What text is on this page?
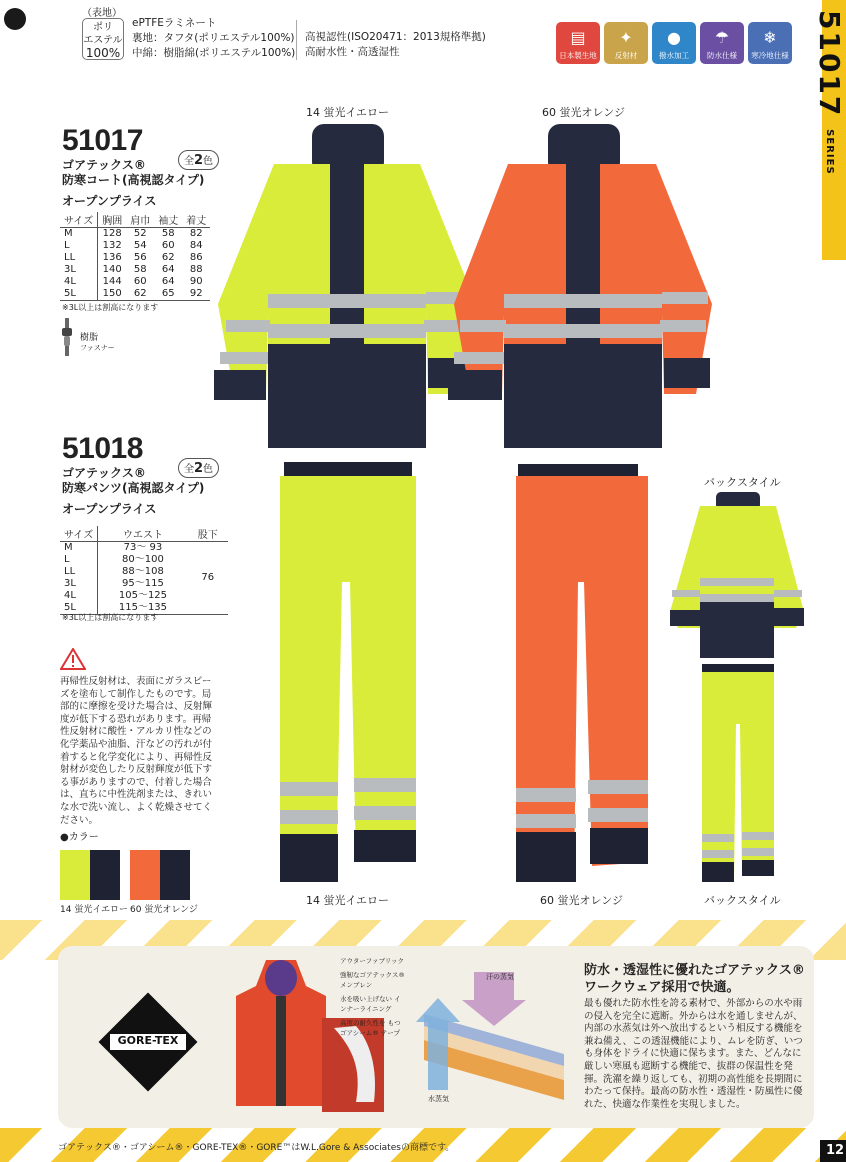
（表地）
ポリ
エステル
100%
ePTFEラミネート
裏地：タフタ(ポリエステル100%)
中綿：樹脂綿(ポリエステル100%)
高視認性(ISO20471：2013規格準拠)
高耐水性・高透湿性
▤
日本製生地
✦
反射材
●
撥水加工
☂
防水仕様
❄
寒冷地仕様 51017 SERIES
51017
ゴアテックス®
防寒コート(高視認タイプ)
全2色
オープンプライス
サイズ	胸囲	肩巾	袖丈	着丈
M	128	52	58	82
L	132	54	60	84
LL	136	56	62	86
3L	140	58	64	88
4L	144	60	64	90
5L	150	62	65	92
※3L以上は割高になります
樹脂
ファスナー
14 蛍光イエロー	60 蛍光オレンジ
51018
ゴアテックス®
防寒パンツ(高視認タイプ)
全2色
オープンプライス
サイズ	ウエスト	股下
M	73〜 93	76
L	80〜100	
LL	88〜108	
3L	95〜115	
4L	105〜125	
5L	115〜135	
※3L以上は割高になります
再帰性反射材は、表面にガラスビーズを塗布して制作したものです。局部的に摩擦を受けた場合は、反射輝度が低下する恐れがあります。再帰性反射材に酸性・アルカリ性などの化学薬品や油脂、汗などの汚れが付着すると化学変化により、再帰性反射材が変色したり反射輝度が低下する事がありますので、付着した場合は、直ちに中性洗剤または、きれいな水で洗い流し、よく乾燥させてください。
●カラー
14 蛍光イエロー 60 蛍光オレンジ
14 蛍光イエロー	60 蛍光オレンジ
バックスタイル
バックスタイル
GORE-TEX
アウターファブリック
強靭なゴアテックス® メンブレン
水を吸い上げない インナーライニング
高度の耐久性を もつゴアシーム® テープ
汗の蒸気
水蒸気
防水・透湿性に優れたゴアテックス®
ワークウェア採用で快適。
最も優れた防水性を誇る素材で、外部からの水や雨の侵入を完全に遮断。外からは水を通しませんが、内部の水蒸気は外へ放出するという相反する機能を兼ね備え、この透湿機能により、ムレを防ぎ、いつも身体をドライに快適に保ちます。また、どんなに厳しい寒風も遮断する機能で、抜群の保温性を発揮。洗濯を繰り返しても、初期の高性能を長期間にわたって保持。最高の防水性・透湿性・防風性に優れた、快適な作業性を実現しました。
ゴアテックス®・ゴアシーム®・GORE-TEX®・GORE™はW.L.Gore & Associatesの商標です。	12
